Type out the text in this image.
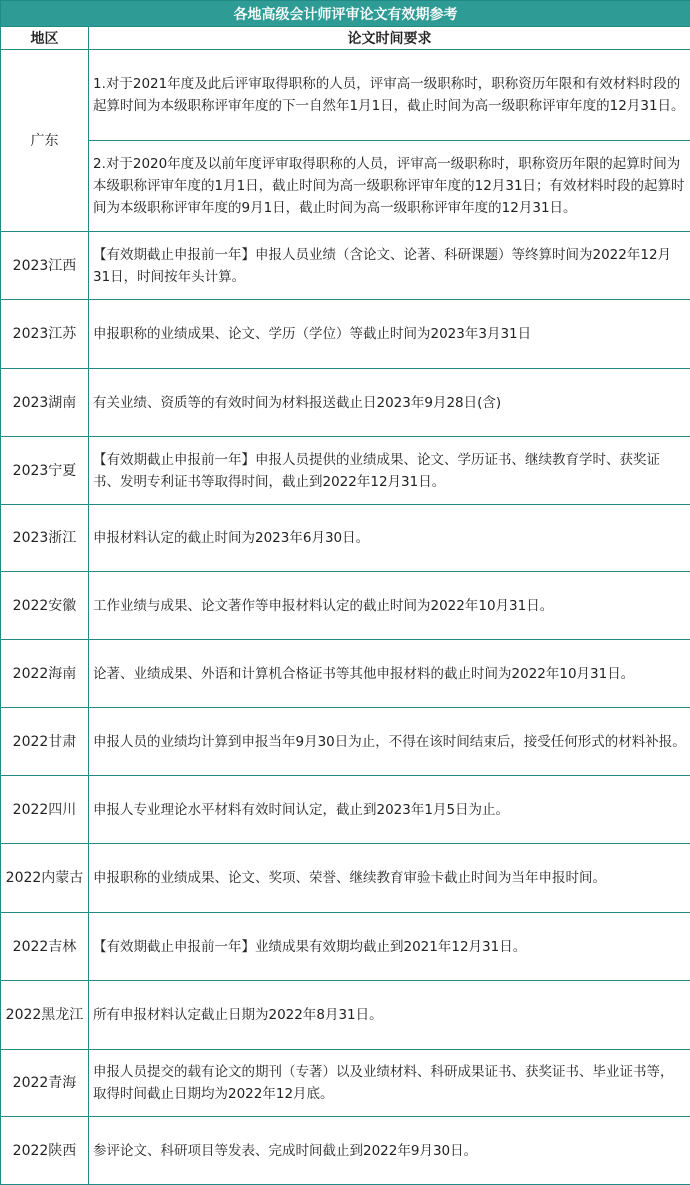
各地高级会计师评审论文有效期参考	
地区	论文时间要求
广东	1.对于2021年度及此后评审取得职称的人员，评审高一级职称时，职称资历年限和有效材料时段的起算时间为本级职称评审年度的下一自然年1月1日，截止时间为高一级职称评审年度的12月31日。
2.对于2020年度及以前年度评审取得职称的人员，评审高一级职称时，职称资历年限的起算时间为本级职称评审年度的1月1日，截止时间为高一级职称评审年度的12月31日；有效材料时段的起算时间为本级职称评审年度的9月1日，截止时间为高一级职称评审年度的12月31日。

2023江西	【有效期截止申报前一年】申报人员业绩（含论文、论著、科研课题）等终算时间为2022年12月31日，时间按年头计算。
2023江苏	申报职称的业绩成果、论文、学历（学位）等截止时间为2023年3月31日
2023湖南	有关业绩、资质等的有效时间为材料报送截止日2023年9月28日(含)
2023宁夏	【有效期截止申报前一年】申报人员提供的业绩成果、论文、学历证书、继续教育学时、获奖证书、发明专利证书等取得时间，截止到2022年12月31日。
2023浙江	申报材料认定的截止时间为2023年6月30日。
2022安徽	工作业绩与成果、论文著作等申报材料认定的截止时间为2022年10月31日。
2022海南	论著、业绩成果、外语和计算机合格证书等其他申报材料的截止时间为2022年10月31日。
2022甘肃	申报人员的业绩均计算到申报当年9月30日为止，不得在该时间结束后，接受任何形式的材料补报。
2022四川	申报人专业理论水平材料有效时间认定，截止到2023年1月5日为止。
2022内蒙古	申报职称的业绩成果、论文、奖项、荣誉、继续教育审验卡截止时间为当年申报时间。
2022吉林	【有效期截止申报前一年】业绩成果有效期均截止到2021年12月31日。
2022黑龙江	所有申报材料认定截止日期为2022年8月31日。
2022青海	申报人员提交的载有论文的期刊（专著）以及业绩材料、科研成果证书、获奖证书、毕业证书等，取得时间截止日期均为2022年12月底。
2022陕西	参评论文、科研项目等发表、完成时间截止到2022年9月30日。
